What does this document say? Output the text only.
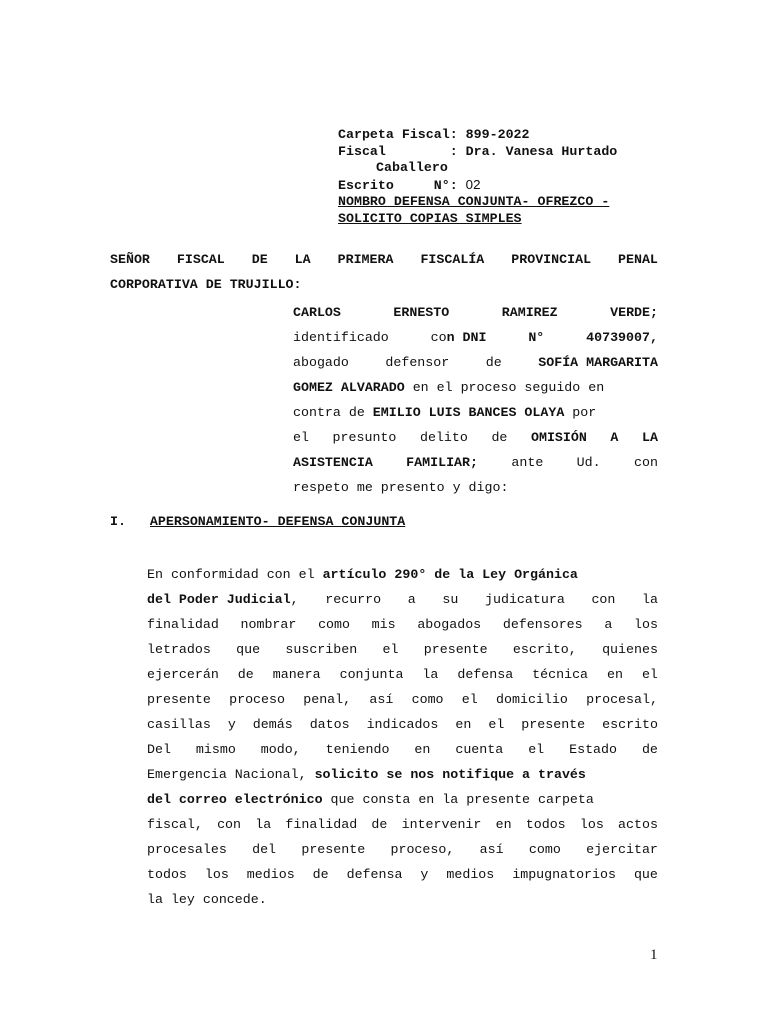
Carpeta Fiscal: 899-2022
Fiscal        : Dra. Vanesa Hurtado
Caballero
Escrito     N°: 02
NOMBRO DEFENSA CONJUNTA- OFREZCO -
SOLICITO COPIAS SIMPLES
SEÑOR FISCAL DE LA PRIMERA FISCALÍA PROVINCIAL PENAL
CORPORATIVA DE TRUJILLO:
CARLOS	ERNESTO	RAMIREZ	VERDE;
identificado	con DNI	N°	40739007,
abogado	defensor	de	SOFÍA MARGARITA
GOMEZ ALVARADO en el proceso seguido en
contra de EMILIO LUIS BANCES OLAYA por
el presunto delito de OMISIÓN A LA
ASISTENCIA	FAMILIAR;	ante	Ud.	con
respeto me presento y digo:
I. APERSONAMIENTO- DEFENSA CONJUNTA
En conformidad con el artículo 290° de la Ley Orgánica
del Poder Judicial, recurro a su judicatura con la
finalidad nombrar como mis abogados defensores a los
letrados que suscriben el presente escrito, quienes
ejercerán de manera conjunta la defensa técnica en el
presente proceso penal, así como el domicilio procesal,
casillas y demás datos indicados en el presente escrito
Del mismo modo, teniendo en cuenta el Estado de
Emergencia Nacional, solicito se nos notifique a través
del correo electrónico que consta en la presente carpeta
fiscal, con la finalidad de intervenir en todos los actos
procesales del presente proceso, así como ejercitar
todos los medios de defensa y medios impugnatorios que
la ley concede.
1
